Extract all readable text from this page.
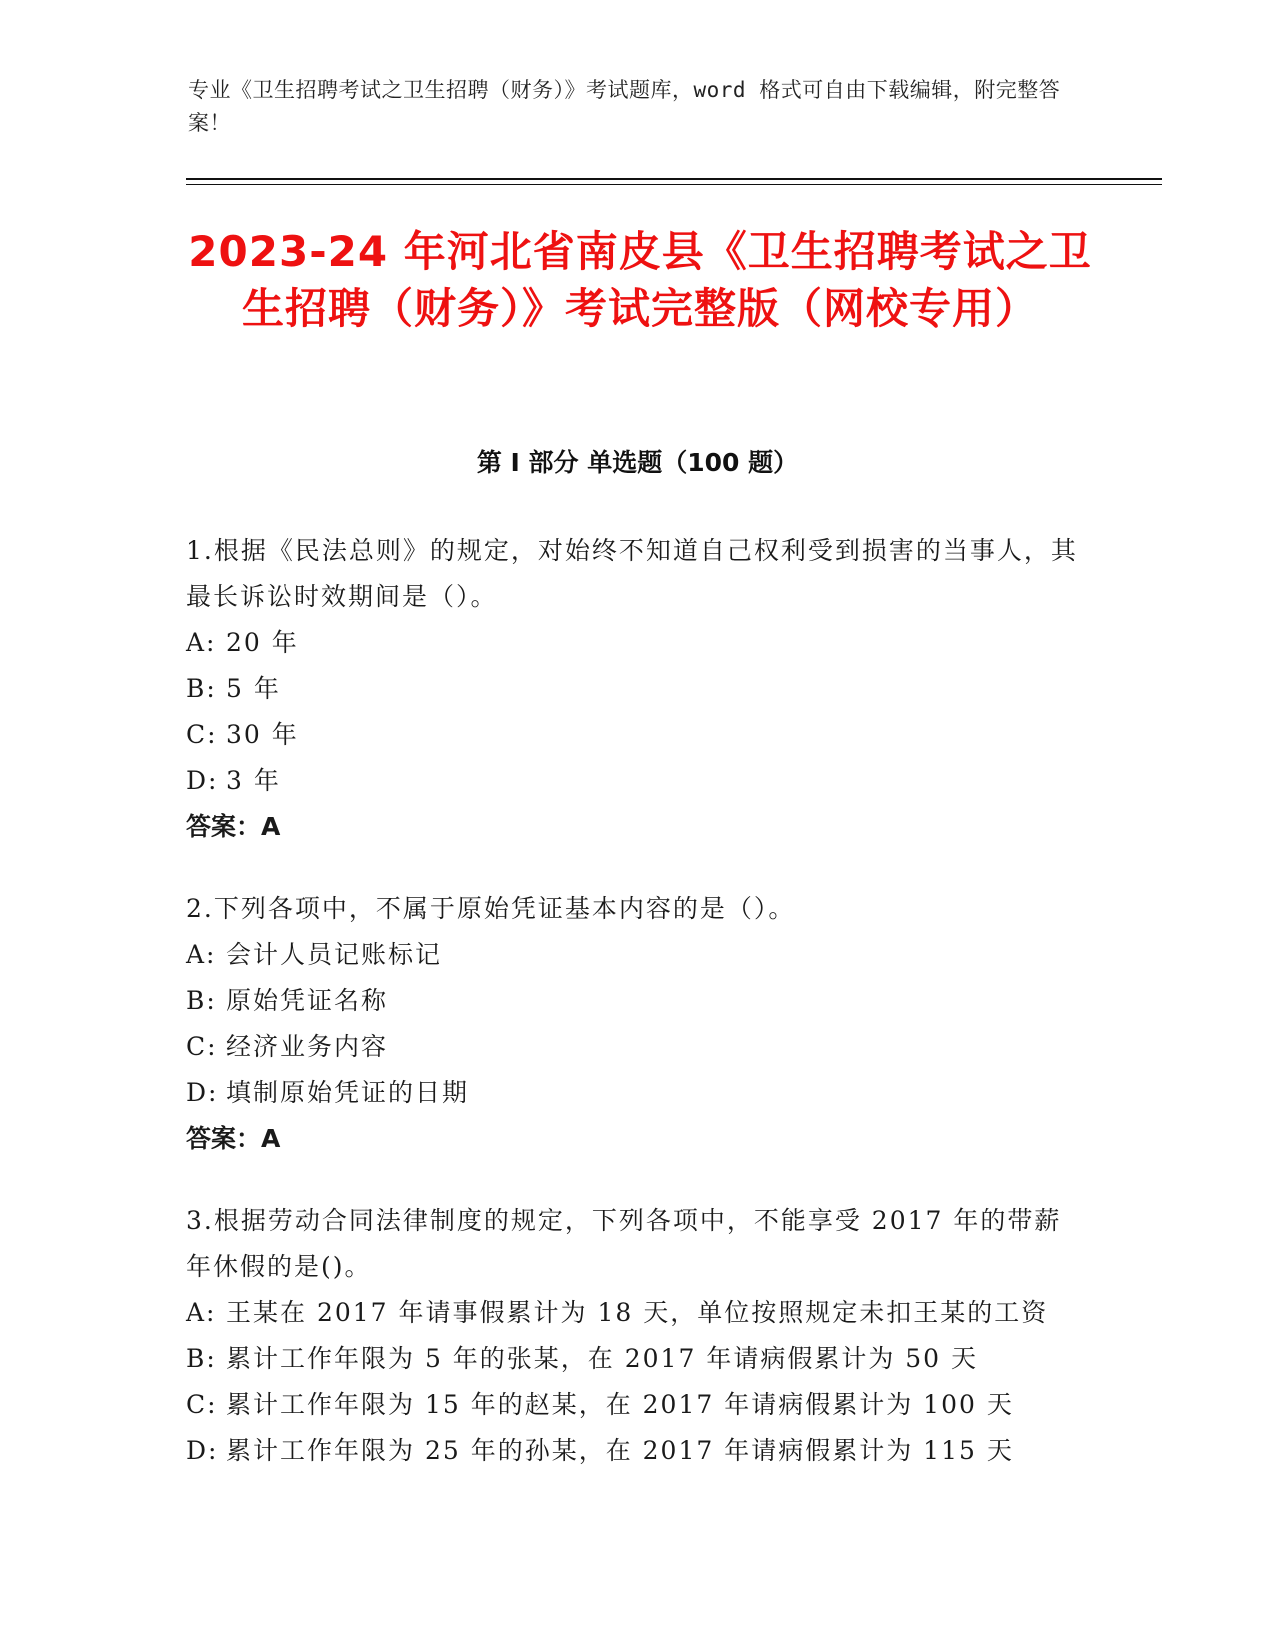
专业《卫生招聘考试之卫生招聘（财务）》考试题库，word 格式可自由下载编辑，附完整答案！
2023-24 年河北省南皮县《卫生招聘考试之卫生招聘（财务）》考试完整版（网校专用）
第 I 部分 单选题（100 题）

1.根据《民法总则》的规定，对始终不知道自己权利受到损害的当事人，其最长诉讼时效期间是（）。

A: 20 年

B: 5 年

C: 30 年

D: 3 年

答案：A

2.下列各项中，不属于原始凭证基本内容的是（）。

A: 会计人员记账标记

B: 原始凭证名称

C: 经济业务内容

D: 填制原始凭证的日期

答案：A

3.根据劳动合同法律制度的规定，下列各项中，不能享受 2017 年的带薪年休假的是()。

A: 王某在 2017 年请事假累计为 18 天，单位按照规定未扣王某的工资

B: 累计工作年限为 5 年的张某，在 2017 年请病假累计为 50 天

C: 累计工作年限为 15 年的赵某，在 2017 年请病假累计为 100 天

D: 累计工作年限为 25 年的孙某，在 2017 年请病假累计为 115 天
